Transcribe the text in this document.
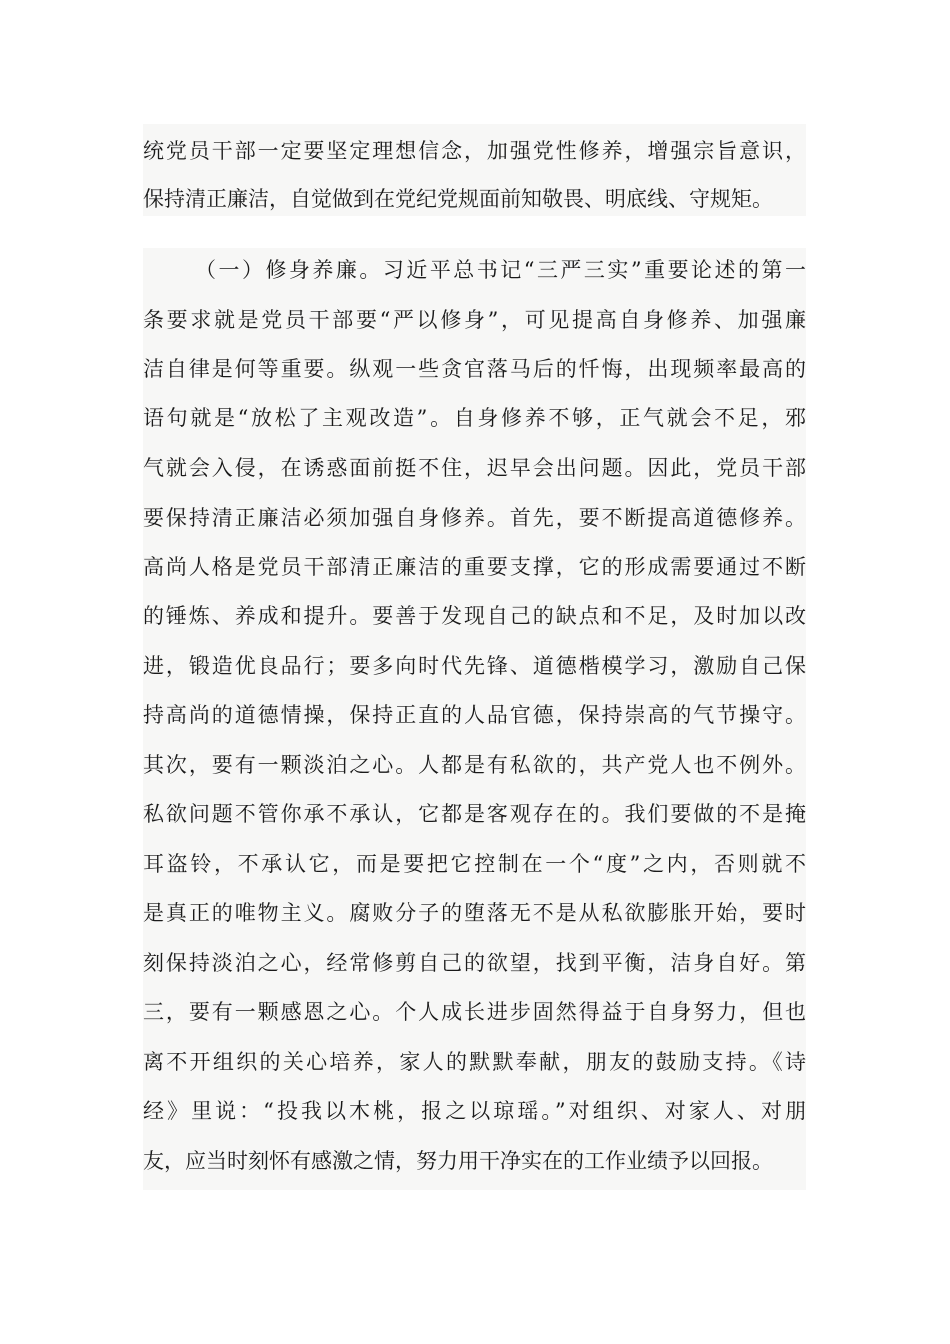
统党员干部一定要坚定理想信念，加强党性修养，增强宗旨意识，
保持清正廉洁，自觉做到在党纪党规面前知敬畏、明底线、守规矩。
（一）修身养廉。习近平总书记“三严三实”重要论述的第一
条要求就是党员干部要“严以修身”，可见提高自身修养、加强廉
洁自律是何等重要。纵观一些贪官落马后的忏悔，出现频率最高的
语句就是“放松了主观改造”。自身修养不够，正气就会不足，邪
气就会入侵，在诱惑面前挺不住，迟早会出问题。因此，党员干部
要保持清正廉洁必须加强自身修养。首先，要不断提高道德修养。
高尚人格是党员干部清正廉洁的重要支撑，它的形成需要通过不断
的锤炼、养成和提升。要善于发现自己的缺点和不足，及时加以改
进，锻造优良品行；要多向时代先锋、道德楷模学习，激励自己保
持高尚的道德情操，保持正直的人品官德，保持崇高的气节操守。
其次，要有一颗淡泊之心。人都是有私欲的，共产党人也不例外。
私欲问题不管你承不承认，它都是客观存在的。我们要做的不是掩
耳盗铃，不承认它，而是要把它控制在一个“度”之内，否则就不
是真正的唯物主义。腐败分子的堕落无不是从私欲膨胀开始，要时
刻保持淡泊之心，经常修剪自己的欲望，找到平衡，洁身自好。第
三，要有一颗感恩之心。个人成长进步固然得益于自身努力，但也
离不开组织的关心培养，家人的默默奉献，朋友的鼓励支持。《诗
经》里说：“投我以木桃，报之以琼瑶。”对组织、对家人、对朋
友，应当时刻怀有感激之情，努力用干净实在的工作业绩予以回报。
